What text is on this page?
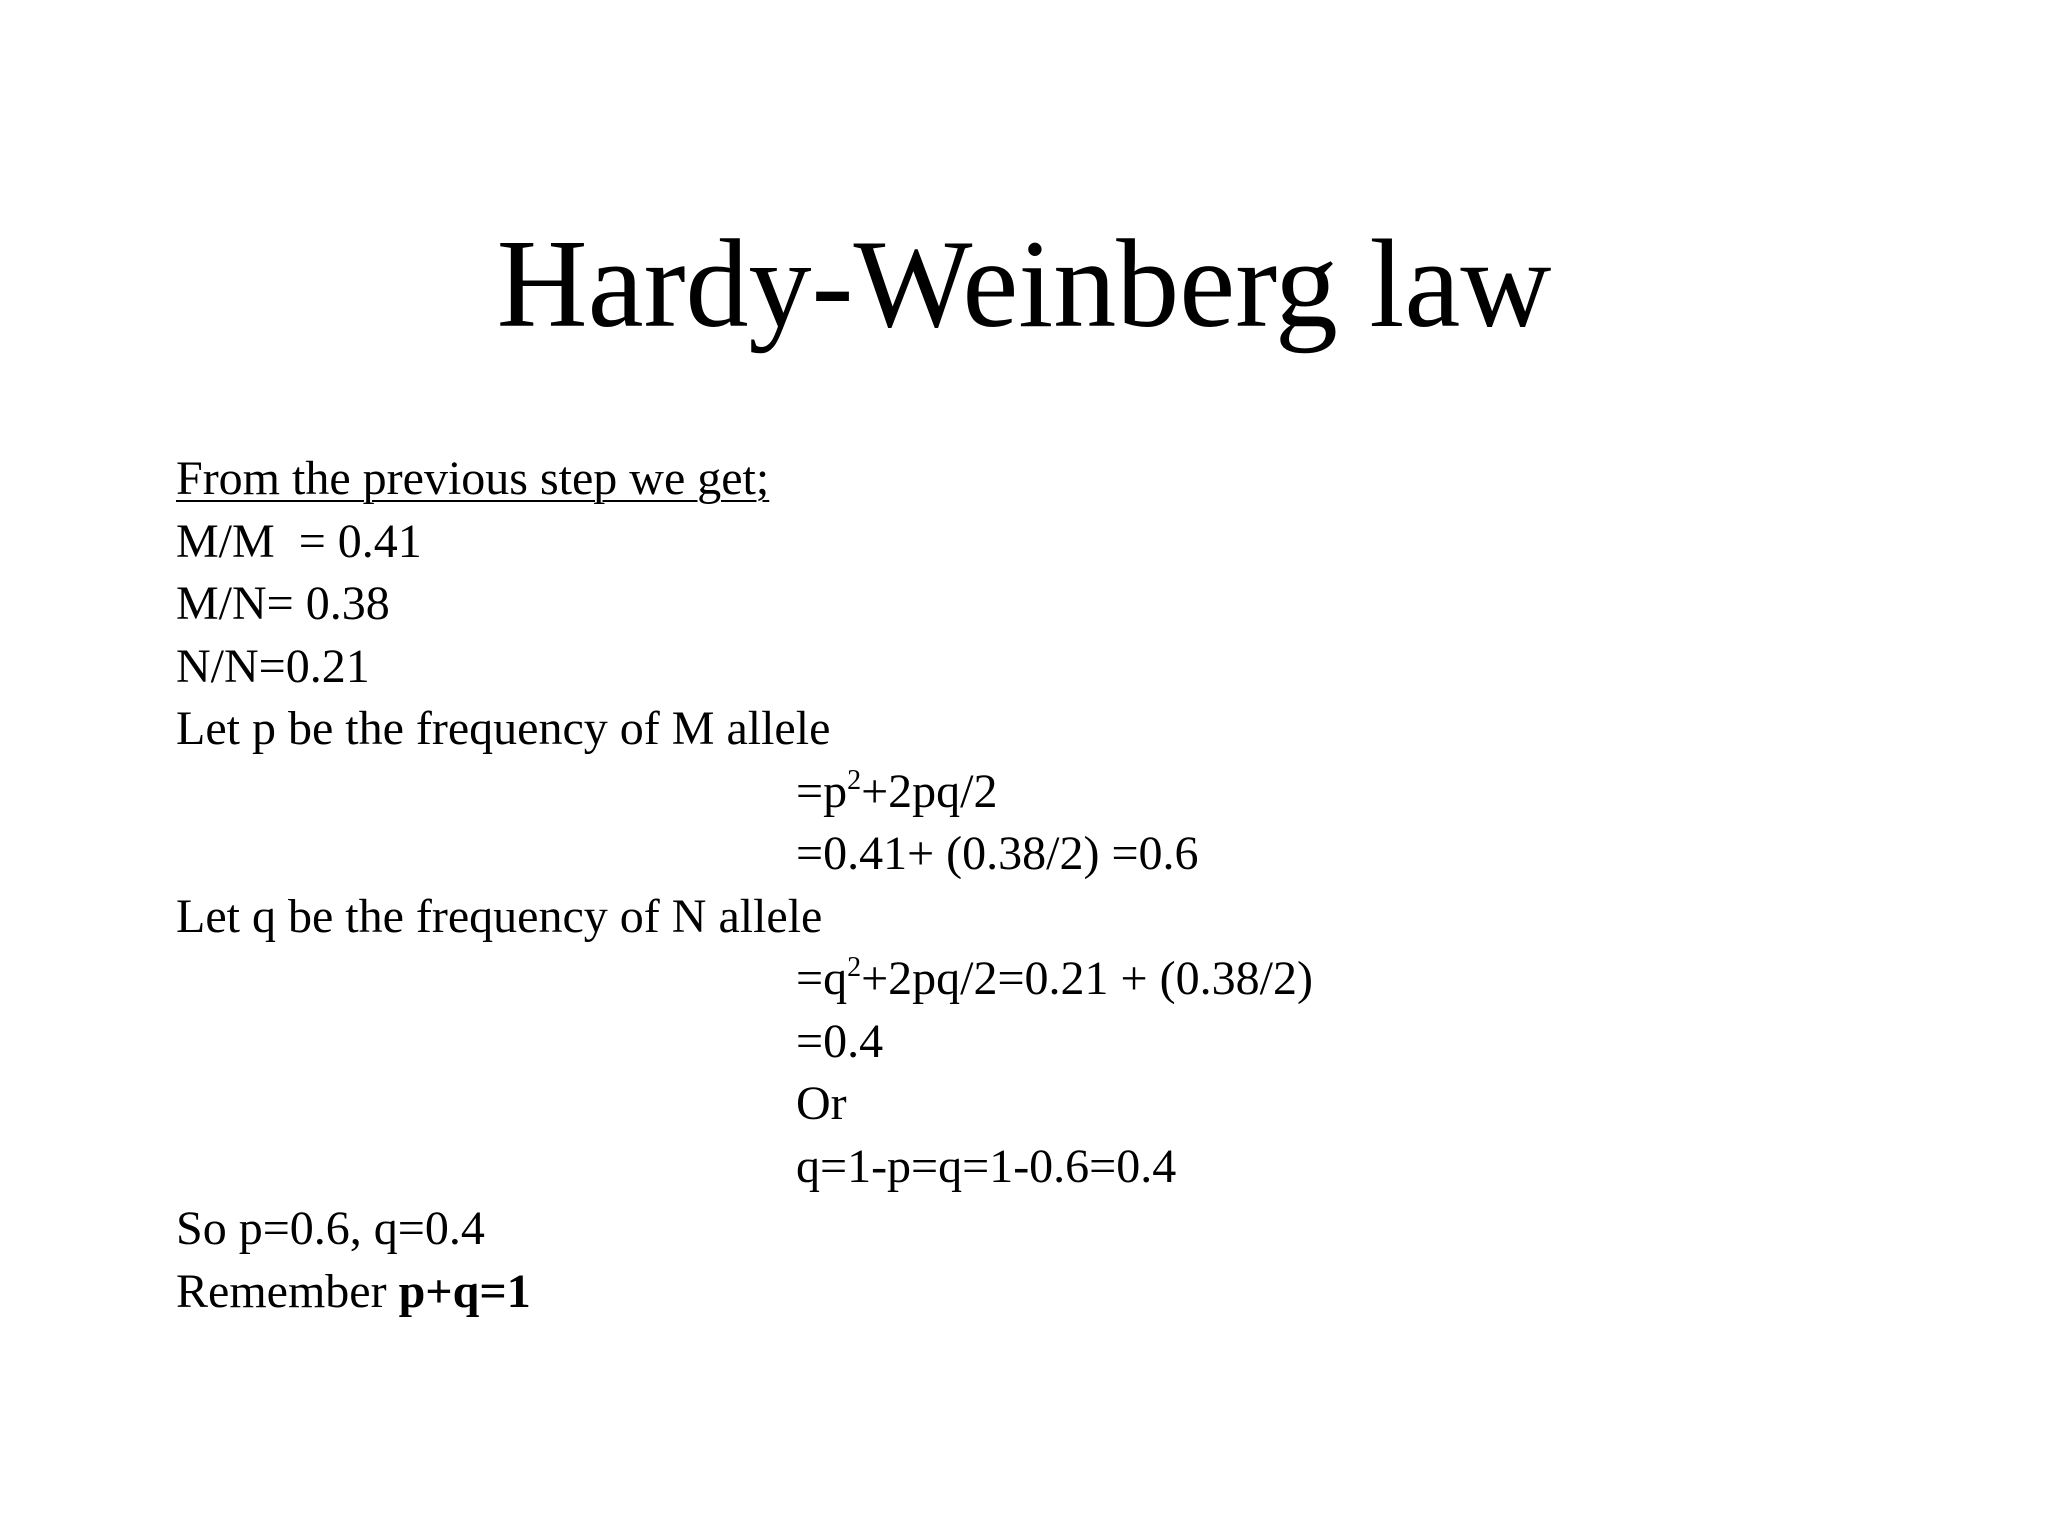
Hardy-Weinberg law
From the previous step we get;
M/M  = 0.41
M/N= 0.38
N/N=0.21
Let p be the frequency of M allele
$=p^2+2pq/2$
=0.41+ (0.38/2) =0.6
Let q be the frequency of N allele
$=q^2+2pq/2=0.21 + (0.38/2)$
=0.4
Or
q=1-p=q=1-0.6=0.4
So p=0.6, q=0.4
Remember p+q=1
